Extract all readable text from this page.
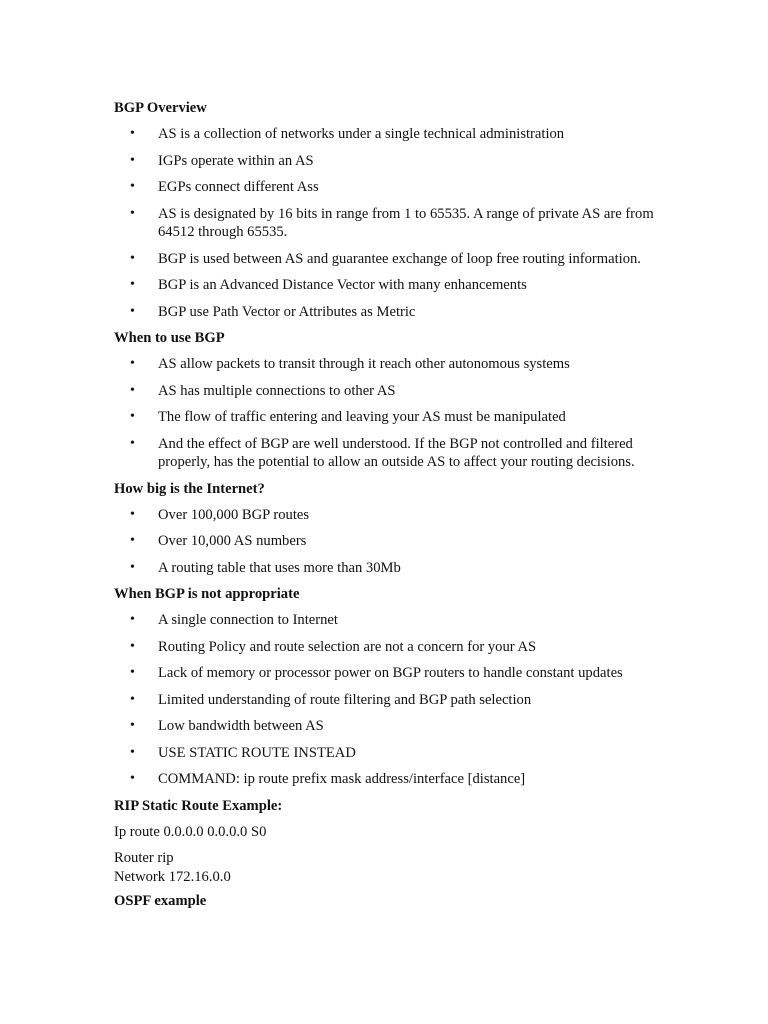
BGP Overview

• AS is a collection of networks under a single technical administration
• IGPs operate within an AS
• EGPs connect different Ass
• AS is designated by 16 bits in range from 1 to 65535. A range of private AS are from 64512 through 65535.
• BGP is used between AS and guarantee exchange of loop free routing information.
• BGP is an Advanced Distance Vector with many enhancements
• BGP use Path Vector or Attributes as Metric

When to use BGP

• AS allow packets to transit through it reach other autonomous systems
• AS has multiple connections to other AS
• The flow of traffic entering and leaving your AS must be manipulated
• And the effect of BGP are well understood. If the BGP not controlled and filtered properly, has the potential to allow an outside AS to affect your routing decisions.

How big is the Internet?

• Over 100,000 BGP routes
• Over 10,000 AS numbers
• A routing table that uses more than 30Mb

When BGP is not appropriate

• A single connection to Internet
• Routing Policy and route selection are not a concern for your AS
• Lack of memory or processor power on BGP routers to handle constant updates
• Limited understanding of route filtering and BGP path selection
• Low bandwidth between AS
• USE STATIC ROUTE INSTEAD
• COMMAND: ip route prefix mask address/interface [distance]

RIP Static Route Example:

Ip route 0.0.0.0 0.0.0.0 S0

Router rip

Network 172.16.0.0

OSPF example
